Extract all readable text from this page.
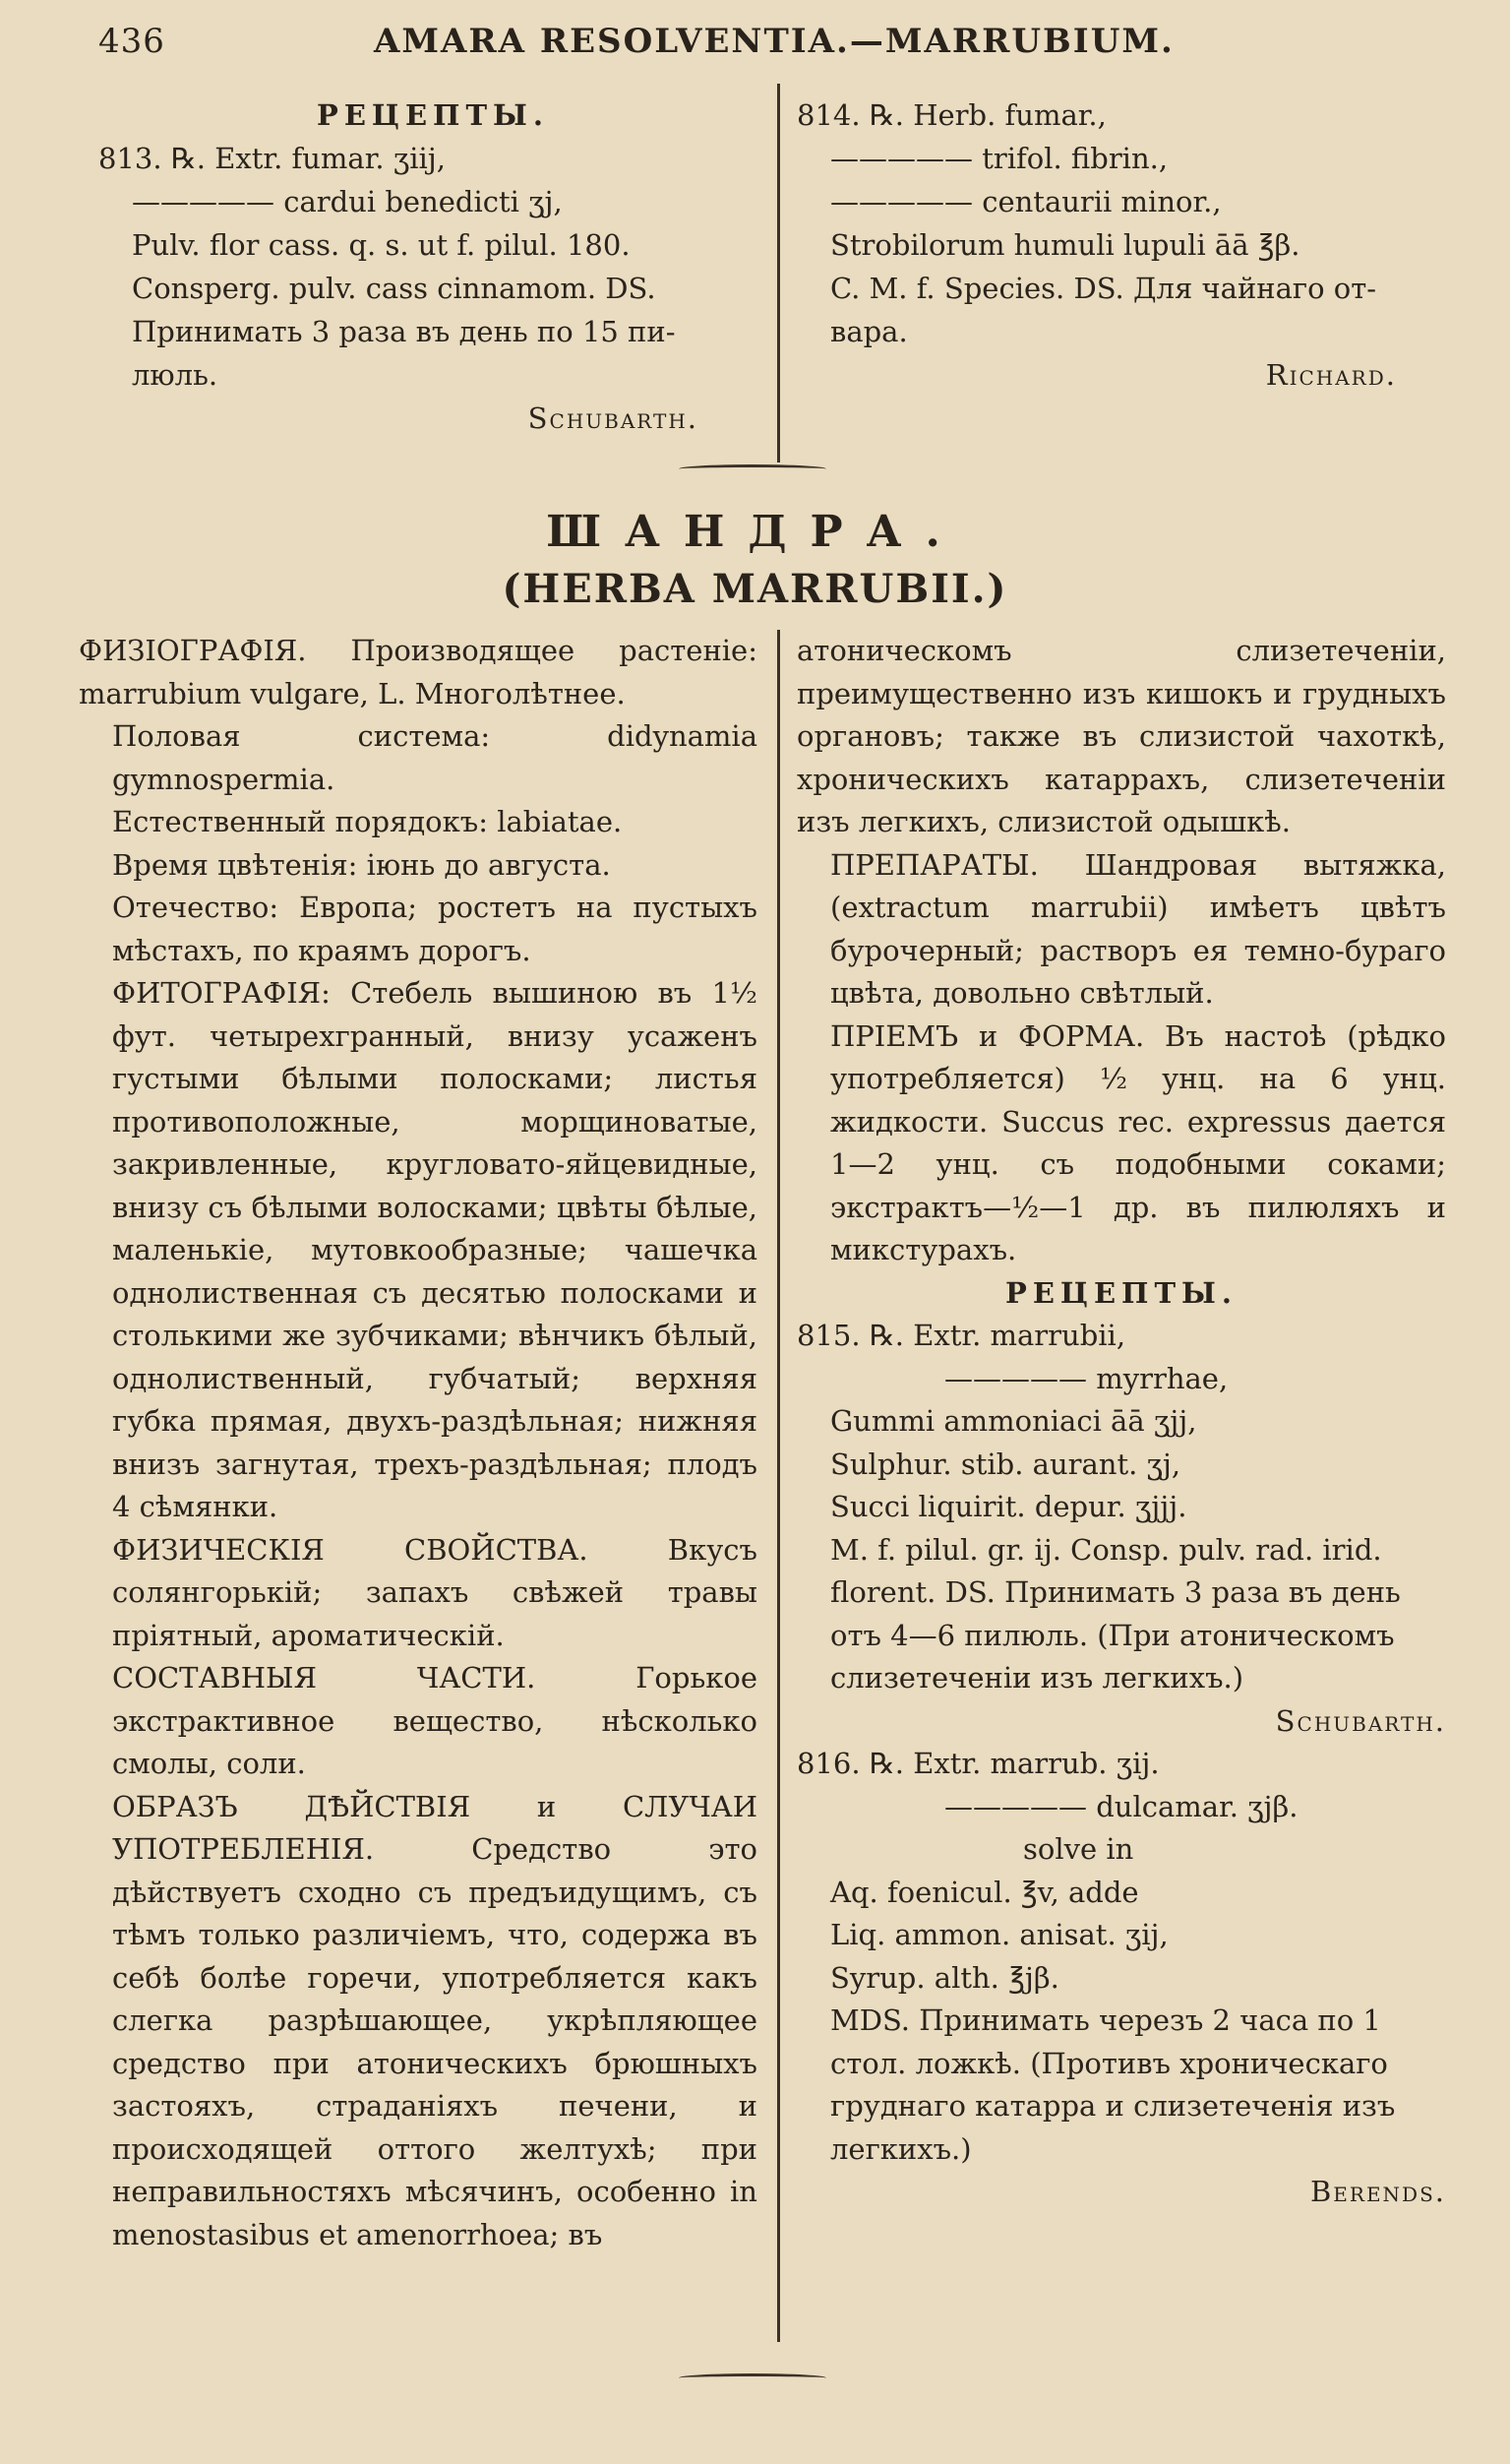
436	AMARA RESOLVENTIA.—MARRUBIUM.

РЕЦЕПТЫ.

813. ℞. Extr. fumar. ʒiij,

————— cardui benedicti ʒj,

Pulv. flor cass. q. s. ut f. pilul. 180.

Consperg. pulv. cass cinnamom. DS.

Принимать 3 раза въ день по 15 пи-

люль.

Schubarth.

814. ℞. Herb. fumar.,

————— trifol. fibrin.,

————— centaurii minor.,

Strobilorum humuli lupuli āā ℥β.

C. M. f. Species. DS. Для чайнаго от-

вара.

Richard.

ШАНДРА.
(HERBA MARRUBII.)

ФИЗІОГРАФІЯ. Производящее растеніе: marrubium vulgare, L. Многолѣтнее.

Половая система: didynamia gymnospermia.

Естественный порядокъ: labiatae.

Время цвѣтенія: іюнь до августа.

Отечество: Европа; ростетъ на пустыхъ мѣстахъ, по краямъ дорогъ.

ФИТОГРАФІЯ: Стебель вышиною въ 1½ фут. четырехгранный, внизу усаженъ густыми бѣлыми полосками; листья противоположные, морщиноватые, закривленные, кругловато-яйцевидные, внизу съ бѣлыми волосками; цвѣты бѣлые, маленькіе, мутовкообразные; чашечка однолиственная съ десятью полосками и столькими же зубчиками; вѣнчикъ бѣлый, однолиственный, губчатый; верхняя губка прямая, двухъ-раздѣльная; нижняя внизъ загнутая, трехъ-раздѣльная; плодъ 4 сѣмянки.

ФИЗИЧЕСКІЯ СВОЙСТВА. Вкусъ солянгорькій; запахъ свѣжей травы пріятный, ароматическій.

СОСТАВНЫЯ ЧАСТИ. Горькое экстрактивное вещество, нѣсколько смолы, соли.

ОБРАЗЪ ДѢЙСТВІЯ и СЛУЧАИ УПОТРЕБЛЕНІЯ. Средство это дѣйствуетъ сходно съ предъидущимъ, съ тѣмъ только различіемъ, что, содержа въ себѣ болѣе горечи, употребляется какъ слегка разрѣшающее, укрѣпляющее средство при атоническихъ брюшныхъ застояхъ, страданіяхъ печени, и происходящей оттого желтухѣ; при неправильностяхъ мѣсячинъ, особенно in menostasibus et amenorrhoea; въ

атоническомъ слизетеченіи, преимущественно изъ кишокъ и грудныхъ органовъ; также въ слизистой чахоткѣ, хроническихъ катаррахъ, слизетеченіи изъ легкихъ, слизистой одышкѣ.

ПРЕПАРАТЫ. Шандровая вытяжка, (extractum marrubii) имѣетъ цвѣтъ бурочерный; растворъ ея темно-бураго цвѣта, довольно свѣтлый.

ПРІЕМЪ и ФОРМА. Въ настоѣ (рѣдко употребляется) ½ унц. на 6 унц. жидкости. Succus rec. expressus дается 1—2 унц. съ подобными соками; экстрактъ—½—1 др. въ пилюляхъ и микстурахъ.

РЕЦЕПТЫ.

815. ℞. Extr. marrubii,

————— myrrhae,

Gummi ammoniaci āā ʒjj,

Sulphur. stib. aurant. ʒj,

Succi liquirit. depur. ʒjjj.

M. f. pilul. gr. ij. Consp. pulv. rad. irid.

florent. DS. Принимать 3 раза въ день

отъ 4—6 пилюль. (При атоническомъ

слизетеченіи изъ легкихъ.)

Schubarth.

816. ℞. Extr. marrub. ʒij.

————— dulcamar. ʒjβ.

solve in

Aq. foenicul. ℥v, adde

Liq. ammon. anisat. ʒij,

Syrup. alth. ℥jβ.

MDS. Принимать черезъ 2 часа по 1

стол. ложкѣ. (Противъ хроническаго

груднаго катарра и слизетеченія изъ

легкихъ.)

Berends.
